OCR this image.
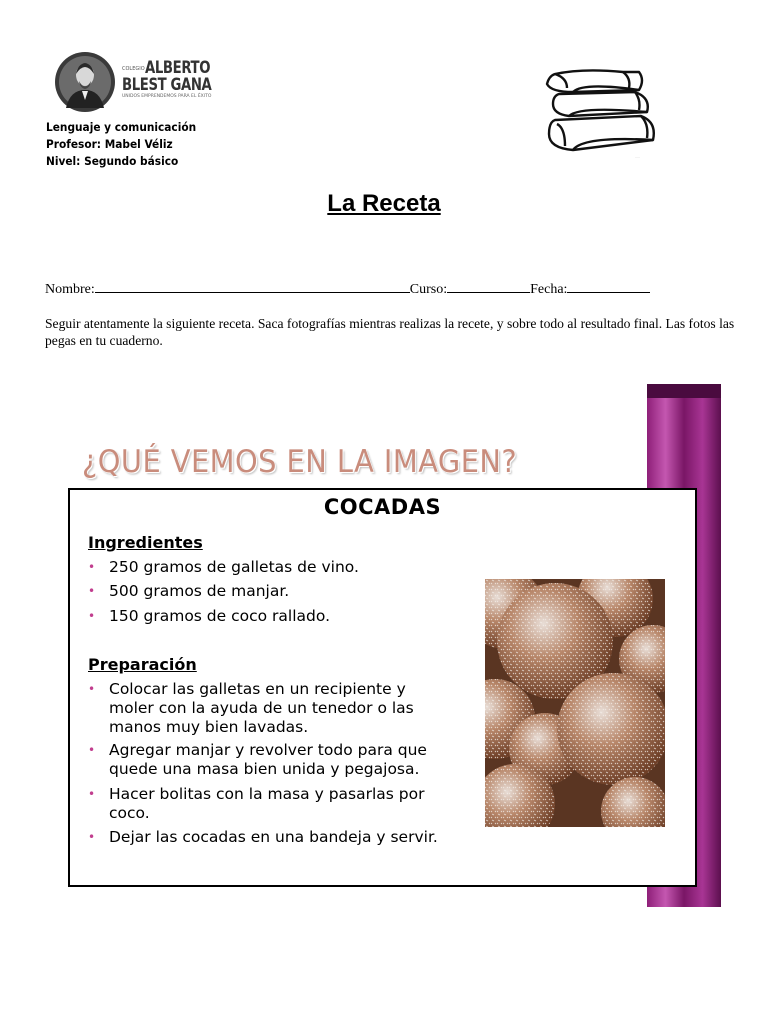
COLEGIO ALBERTO
BLEST GANA
UNIDOS EMPRENDEMOS PARA EL ÉXITO
Lenguaje y comunicación
Profesor: Mabel Véliz
Nivel: Segundo básico	·····
La Receta
Nombre:	Curso:	Fecha:
Seguir atentamente la siguiente receta. Saca fotografías mientras realizas la recete, y sobre todo al resultado final. Las fotos las pegas en tu cuaderno.
¿QUÉ VEMOS EN LA IMAGEN?
COCADAS
Ingredientes
• 250 gramos de galletas de vino.
• 500 gramos de manjar.
• 150 gramos de coco rallado.
Preparación
• Colocar las galletas en un recipiente y
moler con la ayuda de un tenedor o las
manos muy bien lavadas.
• Agregar manjar y revolver todo para que
quede una masa bien unida y pegajosa.
• Hacer bolitas con la masa y pasarlas por
coco.
• Dejar las cocadas en una bandeja y servir.
